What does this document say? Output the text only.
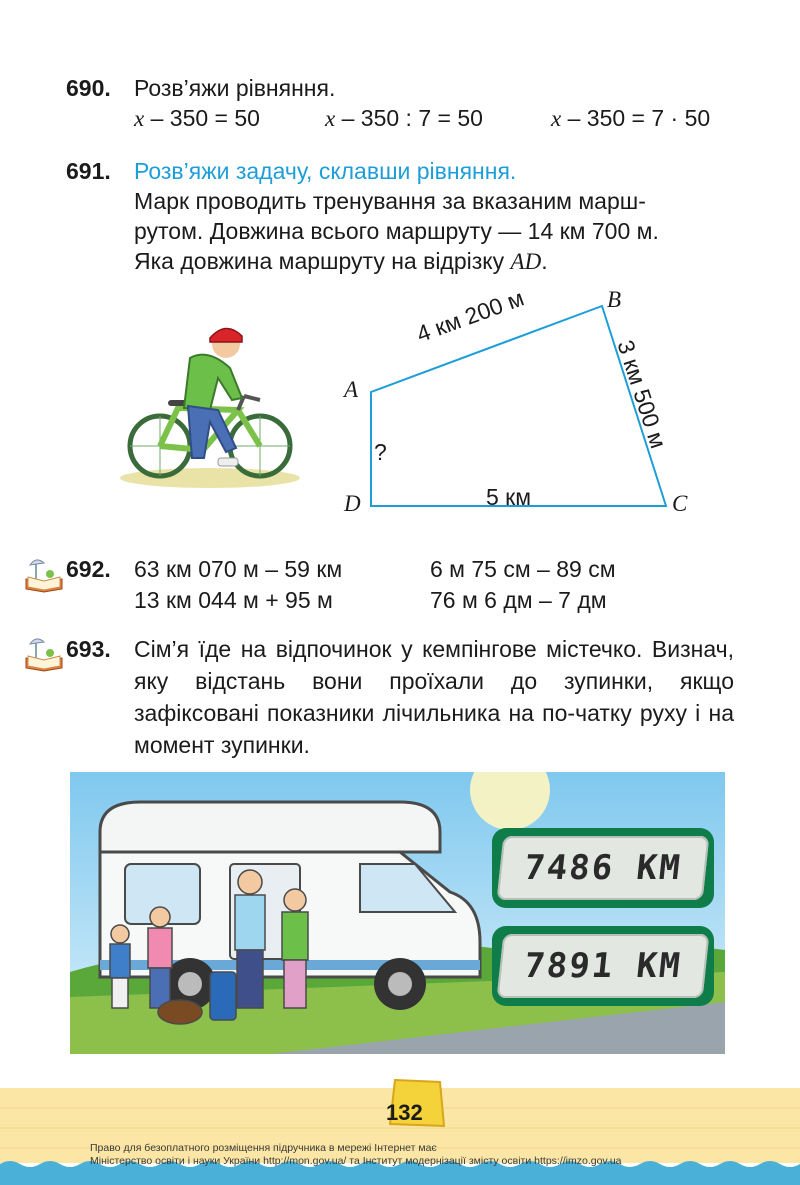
690. Розв’яжи рівняння.
x – 350 = 50	x – 350 : 7 = 50	x – 350 = 7 · 50
691. Розв’яжи задачу, склавши рівняння.
Марк проводить тренування за вказаним марш-
рутом. Довжина всього маршруту — 14 км 700 м.
Яка довжина маршруту на відрізку AD.
A
B
C
D
4 км 200 м
3 км 500 м
5 км
?
692. 63 км 070 м – 59 км	6 м 75 см – 89 см
13 км 044 м + 95 м	76 м 6 дм – 7 дм
693. Сім’я їде на відпочинок у кемпінгове містечко. Визнач, яку відстань вони проїхали до зупинки, якщо зафіксовані показники лічильника на по-чатку руху і на момент зупинки.
7486 КМ
7891 КМ
132
Право для безоплатного розміщення підручника в мережі Інтернет має
Міністерство освіти і науки України http://mon.gov.ua/ та Інститут модернізації змісту освіти https://imzo.gov.ua
